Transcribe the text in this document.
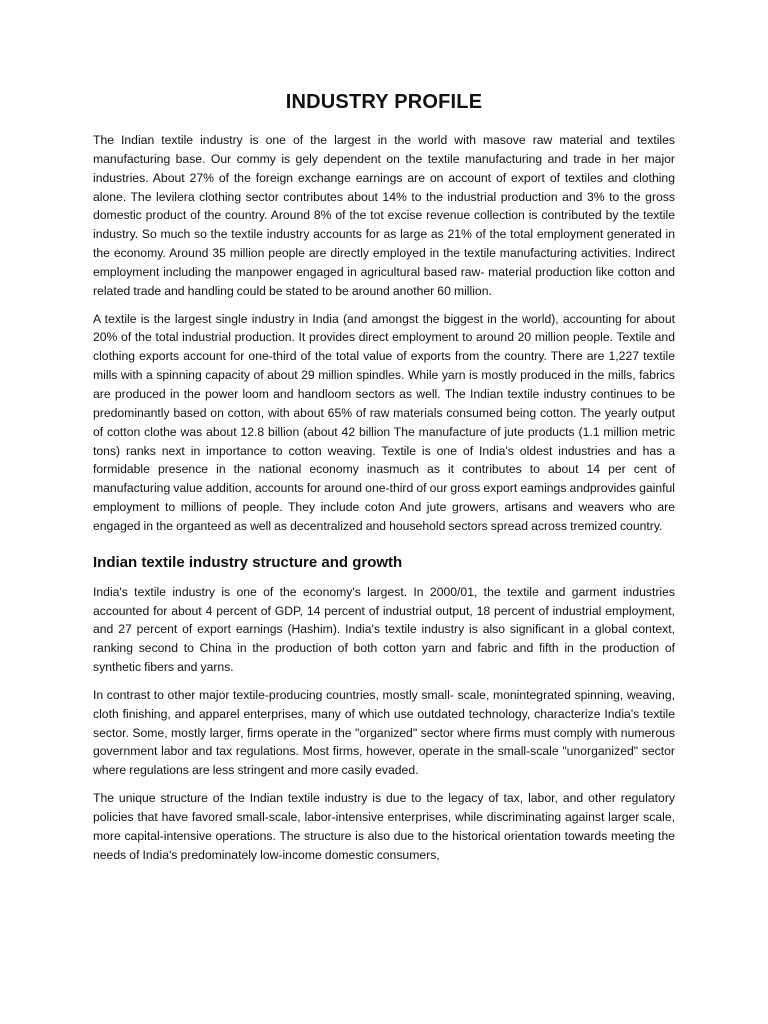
INDUSTRY PROFILE

The Indian textile industry is one of the largest in the world with masove raw material and textiles manufacturing base. Our commy is gely dependent on the textile manufacturing and trade in her major industries. About 27% of the foreign exchange earnings are on account of export of textiles and clothing alone. The levilera clothing sector contributes about 14% to the industrial production and 3% to the gross domestic product of the country. Around 8% of the tot excise revenue collection is contributed by the textile industry. So much so the textile industry accounts for as large as 21% of the total employment generated in the economy. Around 35 million people are directly employed in the textile manufacturing activities. Indirect employment including the manpower engaged in agricultural based raw- material production like cotton and related trade and handling could be stated to be around another 60 million.

A textile is the largest single industry in India (and amongst the biggest in the world), accounting for about 20% of the total industrial production. It provides direct employment to around 20 million people. Textile and clothing exports account for one-third of the total value of exports from the country. There are 1,227 textile mills with a spinning capacity of about 29 million spindles. While yarn is mostly produced in the mills, fabrics are produced in the power loom and handloom sectors as well. The Indian textile industry continues to be predominantly based on cotton, with about 65% of raw materials consumed being cotton. The yearly output of cotton clothe was about 12.8 billion (about 42 billion The manufacture of jute products (1.1 million metric tons) ranks next in importance to cotton weaving. Textile is one of India's oldest industries and has a formidable presence in the national economy inasmuch as it contributes to about 14 per cent of manufacturing value addition, accounts for around one-third of our gross export eamings andprovides gainful employment to millions of people. They include coton And jute growers, artisans and weavers who are engaged in the organteed as well as decentralized and household sectors spread across tremized country.

Indian textile industry structure and growth

India's textile industry is one of the economy's largest. In 2000/01, the textile and garment industries accounted for about 4 percent of GDP, 14 percent of industrial output, 18 percent of industrial employment, and 27 percent of export earnings (Hashim). India's textile industry is also significant in a global context, ranking second to China in the production of both cotton yarn and fabric and fifth in the production of synthetic fibers and yarns.

In contrast to other major textile-producing countries, mostly small- scale, monintegrated spinning, weaving, cloth finishing, and apparel enterprises, many of which use outdated technology, characterize India's textile sector. Some, mostly larger, firms operate in the "organized" sector where firms must comply with numerous government labor and tax regulations. Most firms, however, operate in the small-scale "unorganized" sector where regulations are less stringent and more casily evaded.

The unique structure of the Indian textile industry is due to the legacy of tax, labor, and other regulatory policies that have favored small-scale, labor-intensive enterprises, while discriminating against larger scale, more capital-intensive operations. The structure is also due to the historical orientation towards meeting the needs of India's predominately low-income domestic consumers,
